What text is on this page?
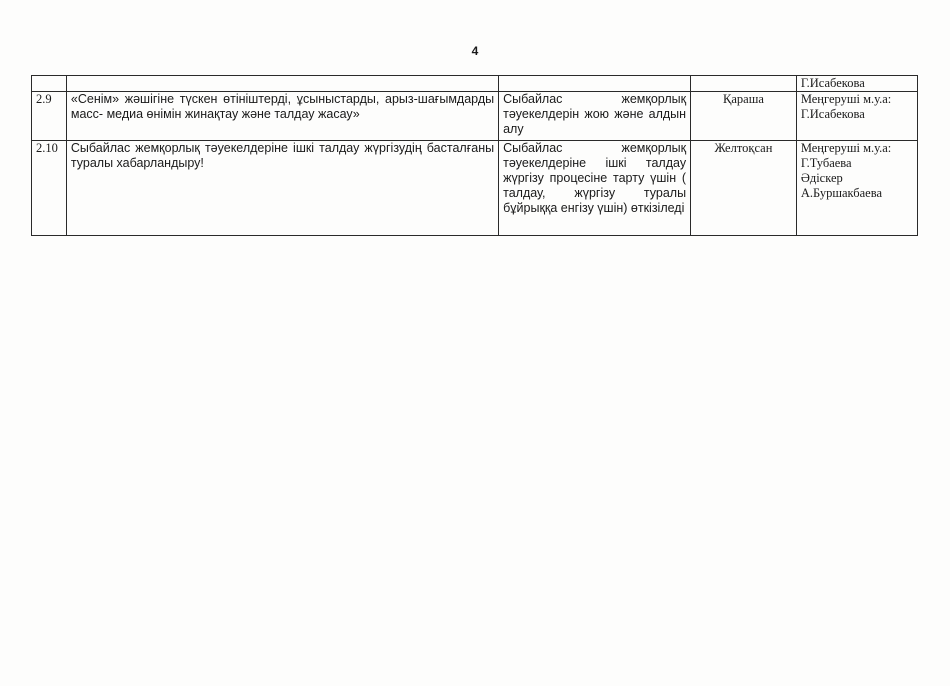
4
				Г.Исабекова
2.9	«Сенім» жәшігіне түскен өтініштерді, ұсыныстарды, арыз-шағымдарды масс- медиа өнімін жинақтау және талдау жасау»	Сыбайлас жемқорлық тәуекелдерін жою және алдын алу	Қараша	Меңгеруші м.у.а:
Г.Исабекова

2.10	Сыбайлас жемқорлық тәуекелдеріне ішкі талдау жүргізудің басталғаны туралы хабарландыру!	Сыбайлас жемқорлық тәуекелдеріне ішкі талдау жүргізу процесіне тарту үшін ( талдау, жүргізу туралы бұйрыққа енгізу үшін) өткізіледі	Желтоқсан	Меңгеруші м.у.а:
Г.Тубаева
Әдіскер
А.Буршакбаева
